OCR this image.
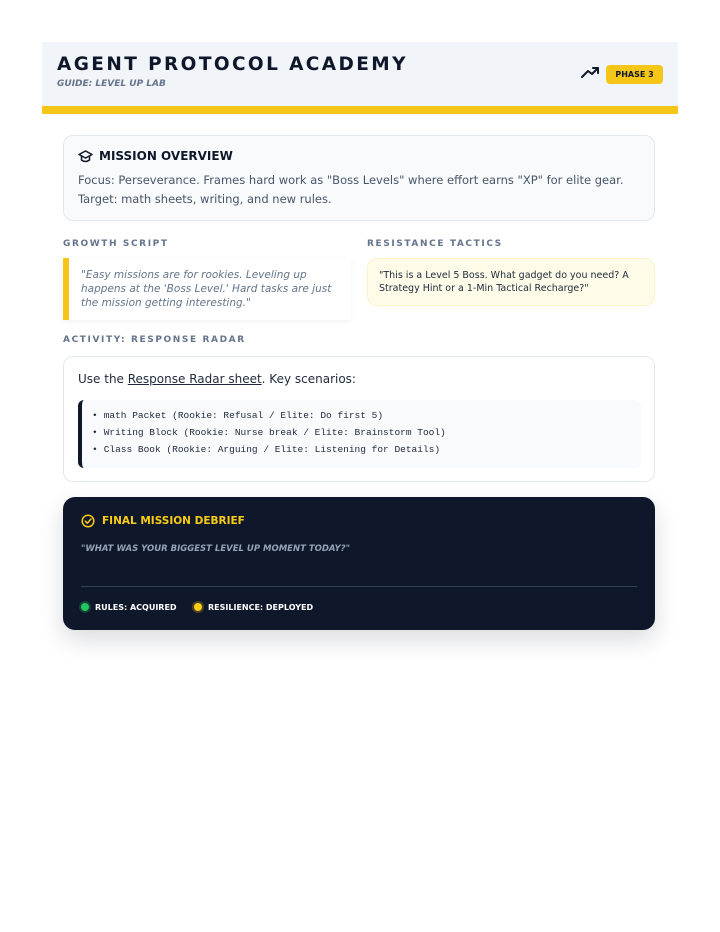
AGENT PROTOCOL ACADEMY
GUIDE: LEVEL UP LAB
PHASE 3
MISSION OVERVIEW
Focus: Perseverance. Frames hard work as "Boss Levels" where effort earns "XP" for elite gear.
Target: math sheets, writing, and new rules.
GROWTH SCRIPT
"Easy missions are for rookies. Leveling up happens at the 'Boss Level.' Hard tasks are just the mission getting interesting."
RESISTANCE TACTICS
"This is a Level 5 Boss. What gadget do you need? A Strategy Hint or a 1-Min Tactical Recharge?"
ACTIVITY: RESPONSE RADAR
Use the Response Radar sheet. Key scenarios:
• math Packet (Rookie: Refusal / Elite: Do first 5)
• Writing Block (Rookie: Nurse break / Elite: Brainstorm Tool)
• Class Book (Rookie: Arguing / Elite: Listening for Details)
FINAL MISSION DEBRIEF
"WHAT WAS YOUR BIGGEST LEVEL UP MOMENT TODAY?"
RULES: ACQUIRED	RESILIENCE: DEPLOYED
